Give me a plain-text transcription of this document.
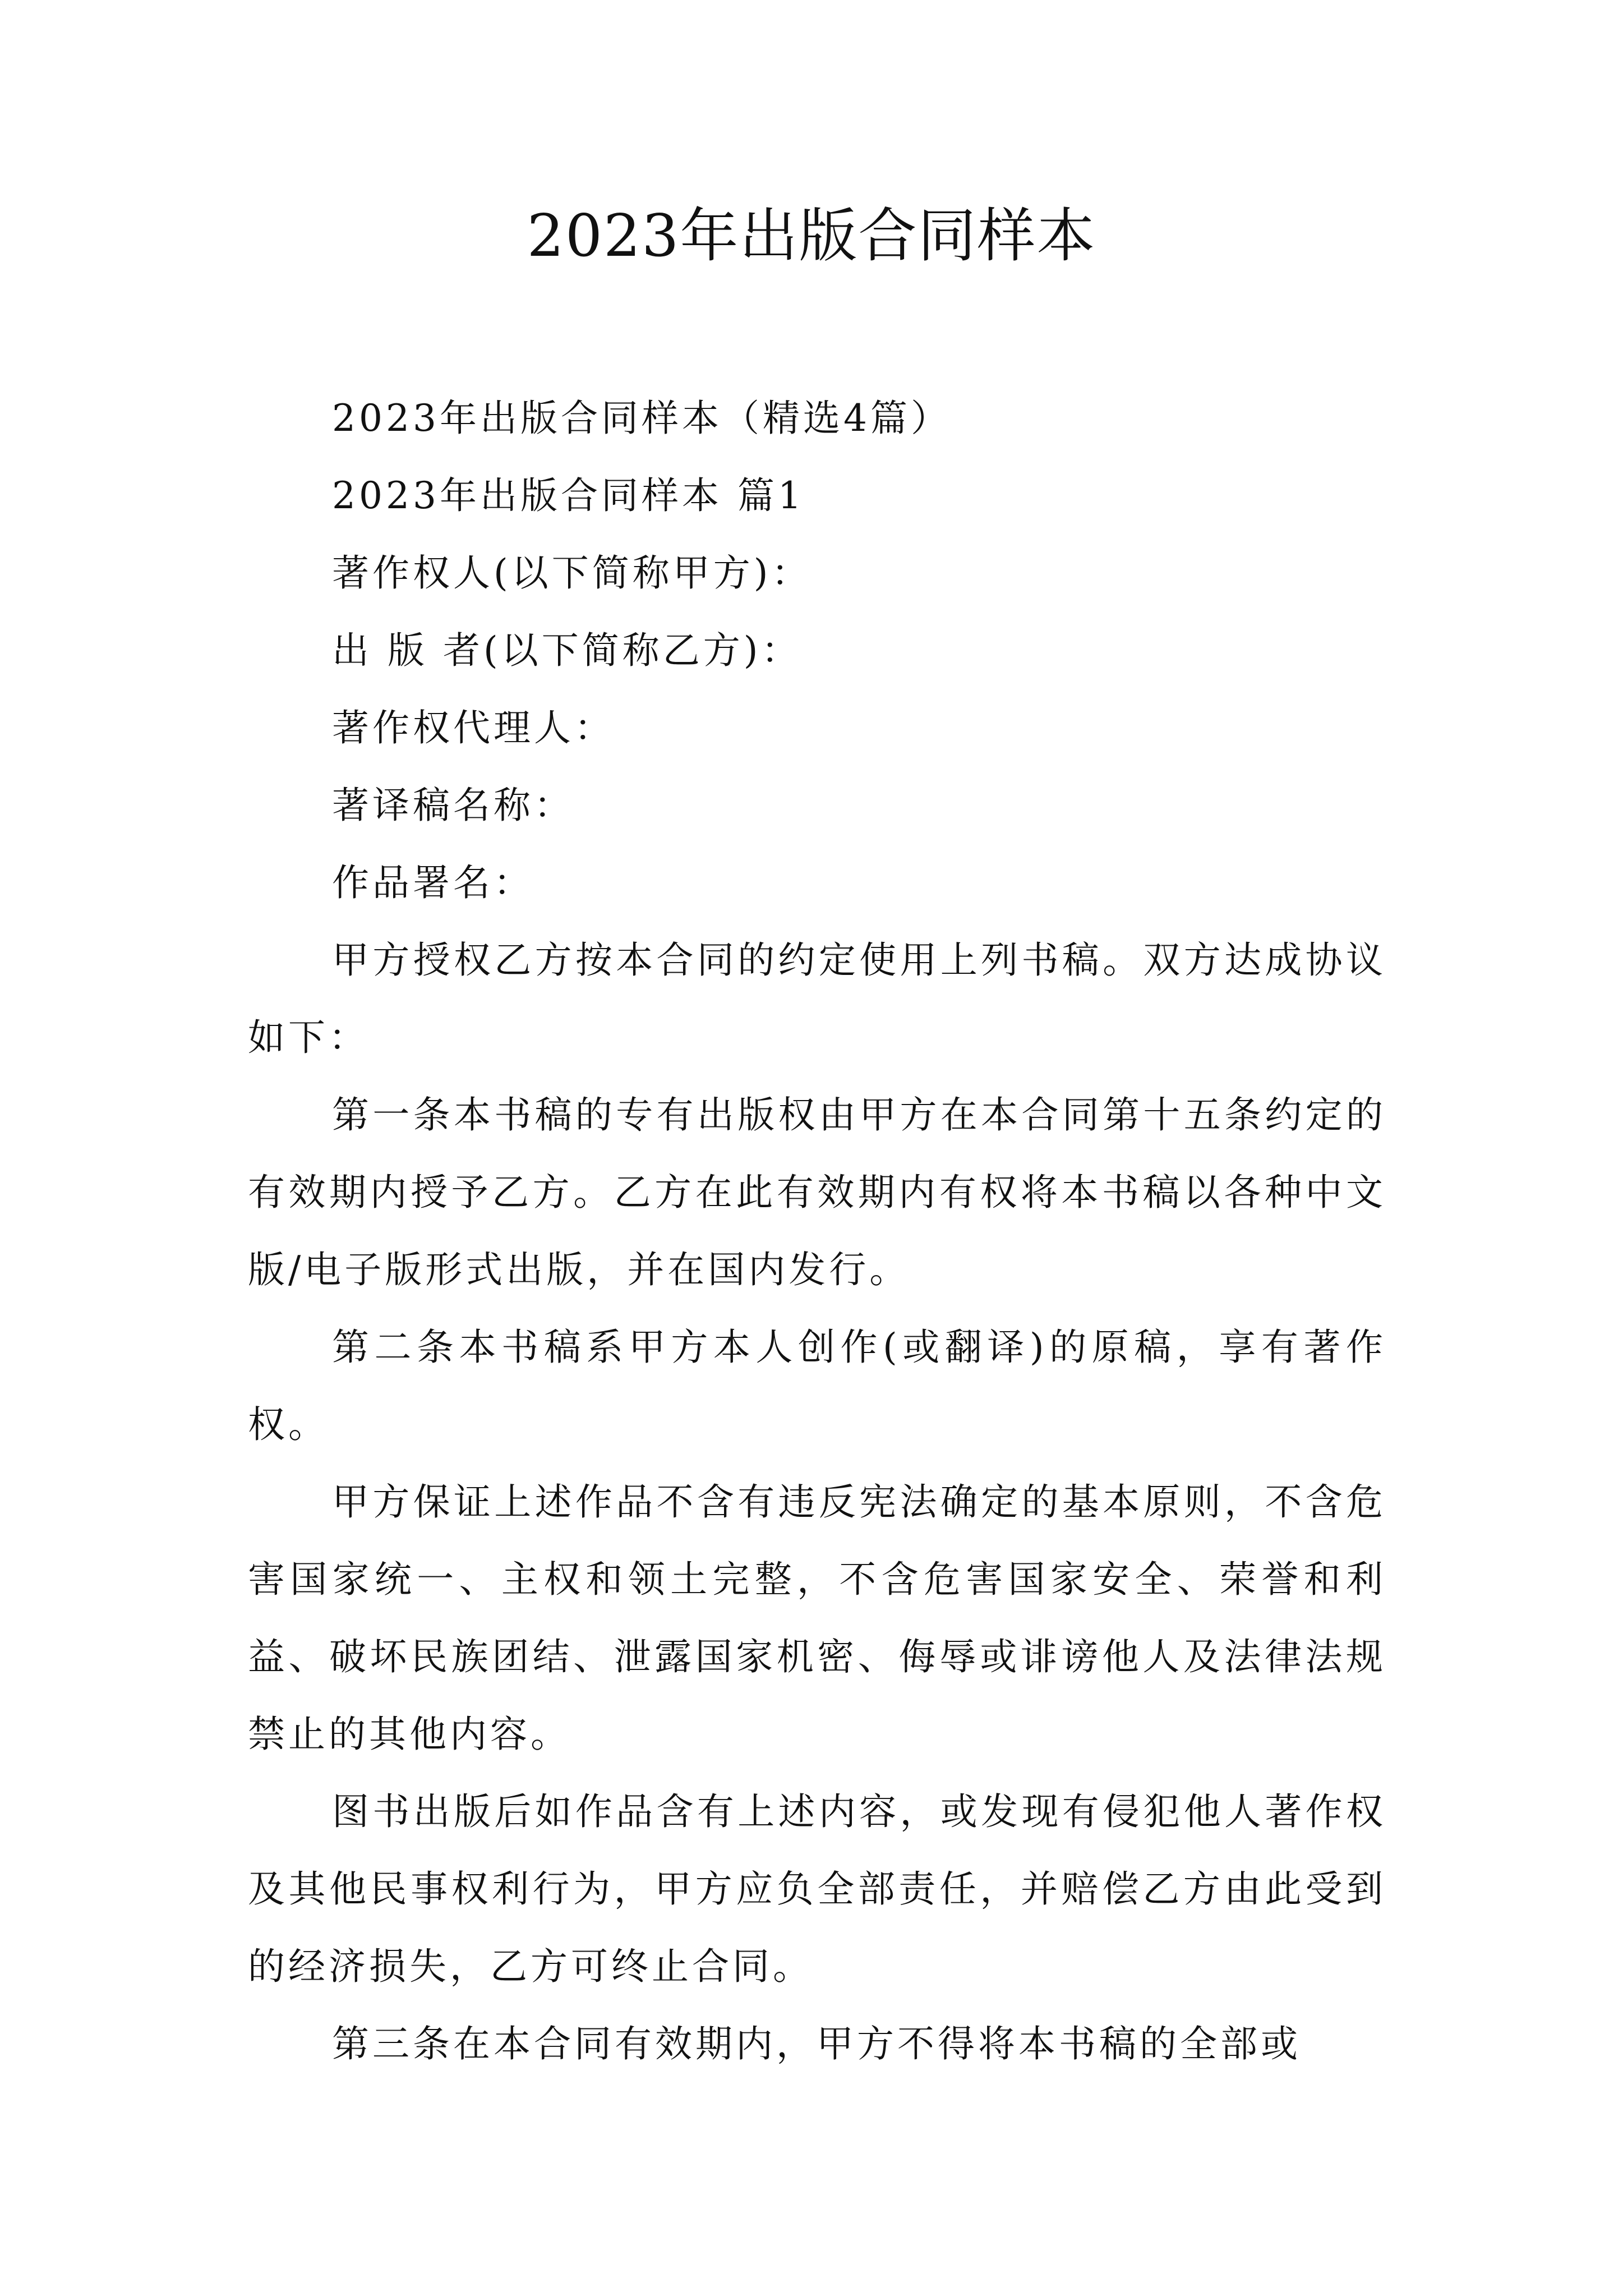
2023年出版合同样本

2023年出版合同样本（精选4篇）

2023年出版合同样本 篇1

著作权人(以下简称甲方)：

出 版 者(以下简称乙方)：

著作权代理人：

著译稿名称：

作品署名：

甲方授权乙方按本合同的约定使用上列书稿。双方达成协议如下：

第一条本书稿的专有出版权由甲方在本合同第十五条约定的有效期内授予乙方。乙方在此有效期内有权将本书稿以各种中文版/电子版形式出版，并在国内发行。

第二条本书稿系甲方本人创作(或翻译)的原稿，享有著作权。

甲方保证上述作品不含有违反宪法确定的基本原则，不含危害国家统一、主权和领土完整，不含危害国家安全、荣誉和利益、破坏民族团结、泄露国家机密、侮辱或诽谤他人及法律法规禁止的其他内容。

图书出版后如作品含有上述内容，或发现有侵犯他人著作权及其他民事权利行为，甲方应负全部责任，并赔偿乙方由此受到的经济损失，乙方可终止合同。

第三条在本合同有效期内，甲方不得将本书稿的全部或
